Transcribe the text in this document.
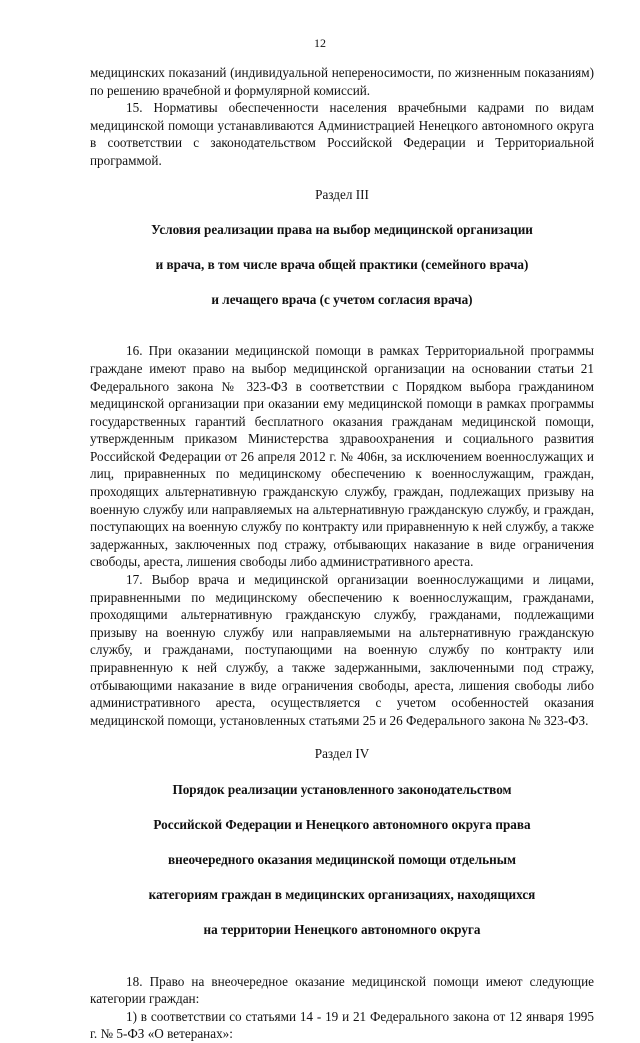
12

медицинских показаний (индивидуальной непереносимости, по жизненным показаниям) по решению врачебной и формулярной комиссий.

15. Нормативы обеспеченности населения врачебными кадрами по видам медицинской помощи устанавливаются Администрацией Ненецкого автономного округа в соответствии с законодательством Российской Федерации и Территориальной программой.

Раздел III

Условия реализации права на выбор медицинской организации

и врача, в том числе врача общей практики (семейного врача)

и лечащего врача (с учетом согласия врача)

16. При оказании медицинской помощи в рамках Территориальной программы граждане имеют право на выбор медицинской организации на основании статьи 21 Федерального закона № 323-ФЗ в соответствии с Порядком выбора гражданином медицинской организации при оказании ему медицинской помощи в рамках программы государственных гарантий бесплатного оказания гражданам медицинской помощи, утвержденным приказом Министерства здравоохранения и социального развития Российской Федерации от 26 апреля 2012 г. № 406н, за исключением военнослужащих и лиц, приравненных по медицинскому обеспечению к военнослужащим, граждан, проходящих альтернативную гражданскую службу, граждан, подлежащих призыву на военную службу или направляемых на альтернативную гражданскую службу, и граждан, поступающих на военную службу по контракту или приравненную к ней службу, а также задержанных, заключенных под стражу, отбывающих наказание в виде ограничения свободы, ареста, лишения свободы либо административного ареста.

17. Выбор врача и медицинской организации военнослужащими и лицами, приравненными по медицинскому обеспечению к военнослужащим, гражданами, проходящими альтернативную гражданскую службу, гражданами, подлежащими призыву на военную службу или направляемыми на альтернативную гражданскую службу, и гражданами, поступающими на военную службу по контракту или приравненную к ней службу, а также задержанными, заключенными под стражу, отбывающими наказание в виде ограничения свободы, ареста, лишения свободы либо административного ареста, осуществляется с учетом особенностей оказания медицинской помощи, установленных статьями 25 и 26 Федерального закона № 323-ФЗ.

Раздел IV

Порядок реализации установленного законодательством

Российской Федерации и Ненецкого автономного округа права

внеочередного оказания медицинской помощи отдельным

категориям граждан в медицинских организациях, находящихся

на территории Ненецкого автономного округа

18. Право на внеочередное оказание медицинской помощи имеют следующие категории граждан:

1) в соответствии со статьями 14 - 19 и 21 Федерального закона от 12 января 1995 г. № 5-ФЗ «О ветеранах»:
